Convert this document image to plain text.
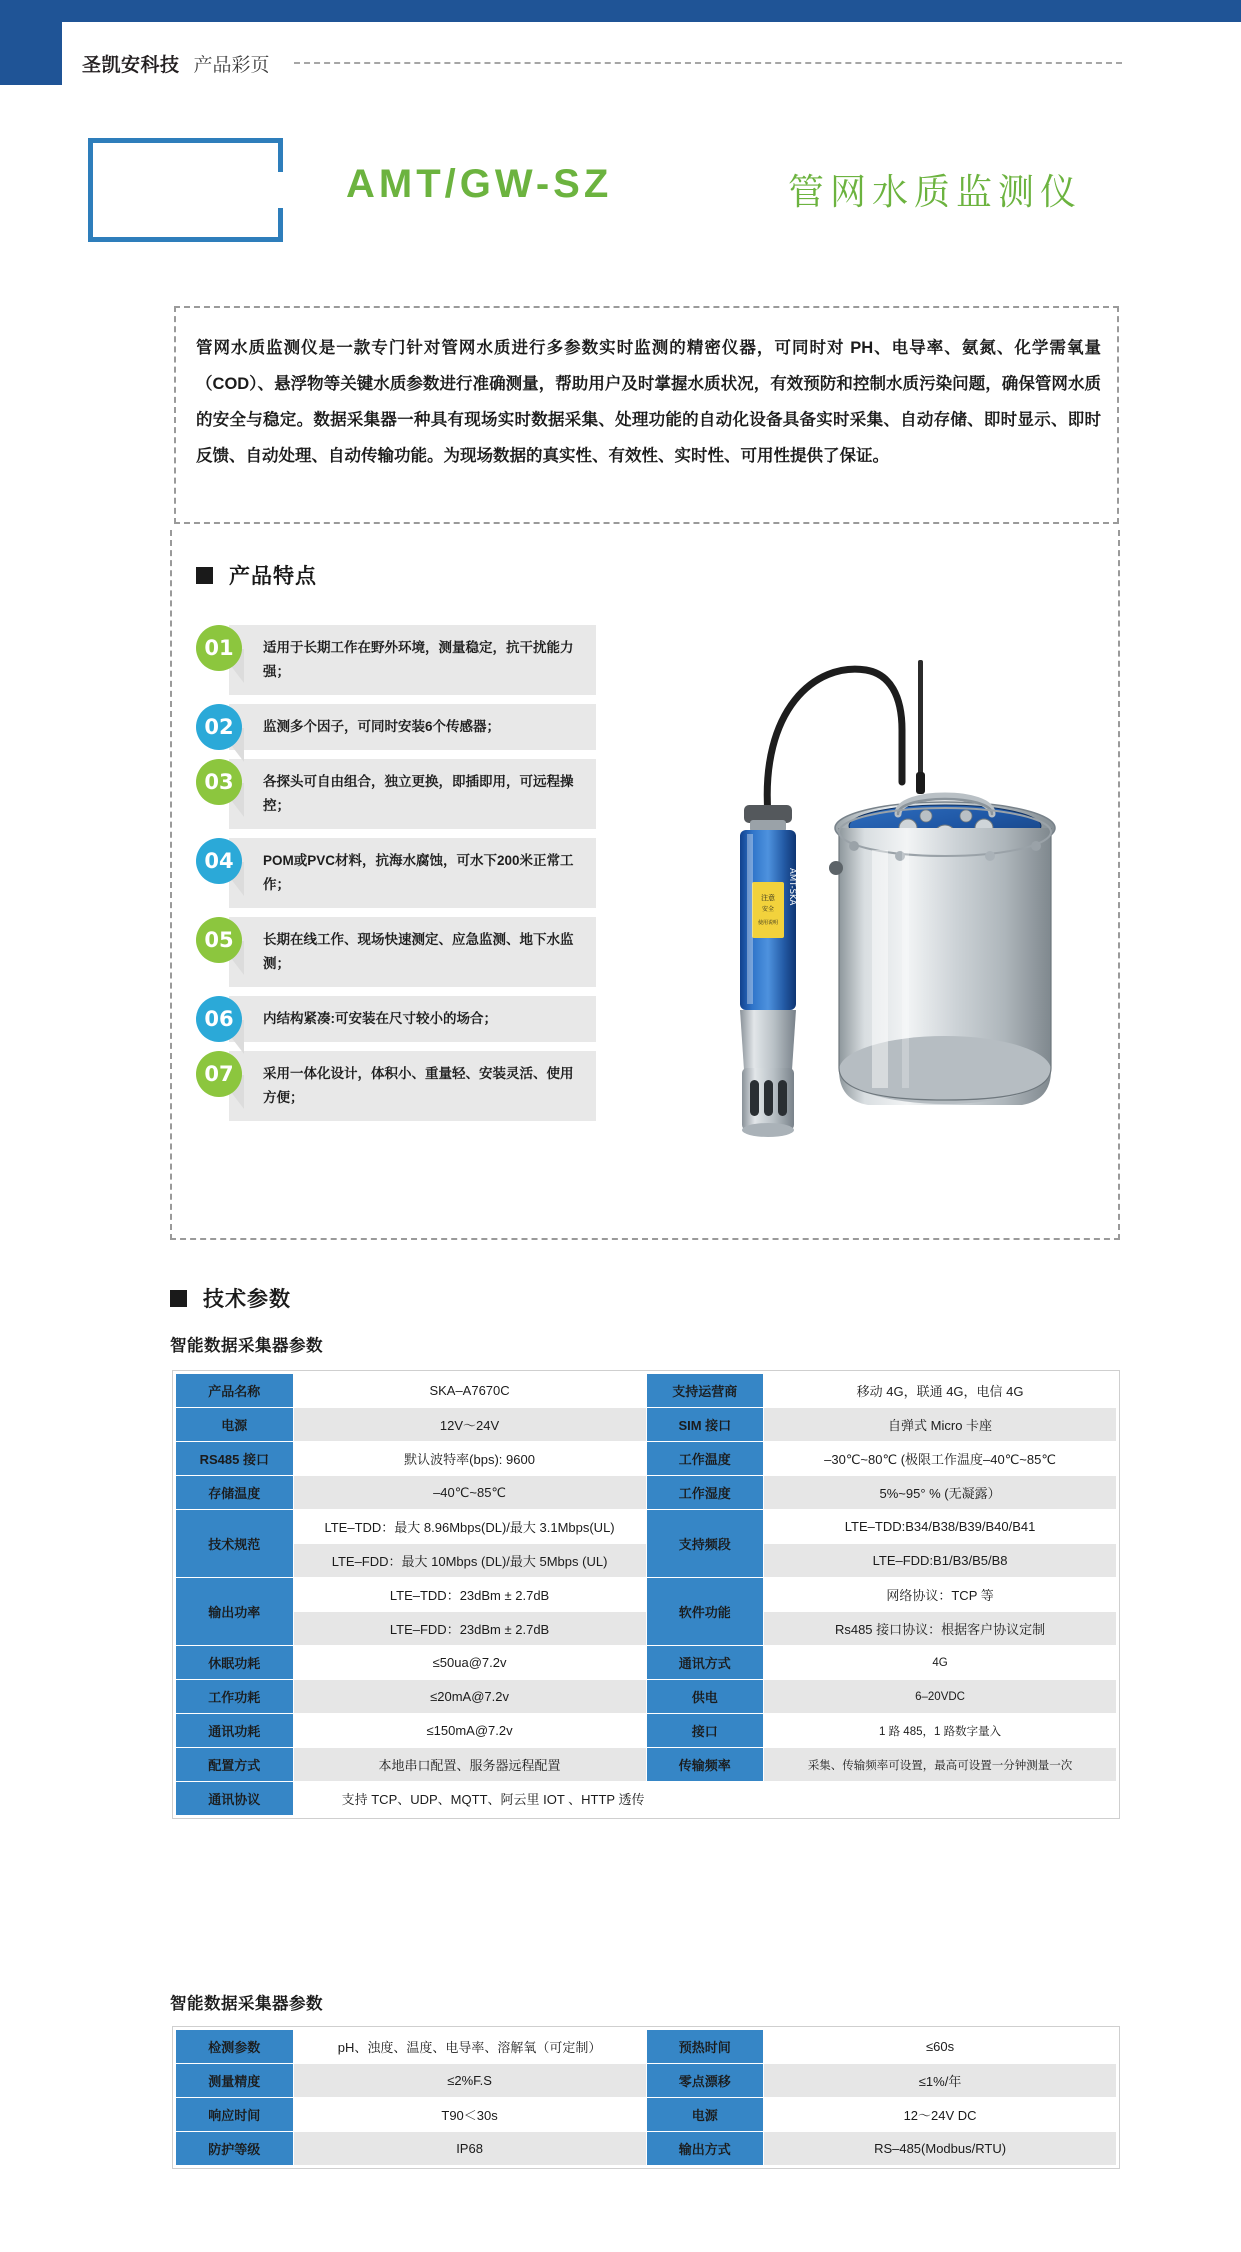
圣凯安科技 产品彩页
AMT/GW-SZ	管网水质监测仪
管网水质监测仪是一款专门针对管网水质进行多参数实时监测的精密仪器，可同时对 PH、电导率、氨氮、化学需氧量（COD）、悬浮物等关键水质参数进行准确测量，帮助用户及时掌握水质状况，有效预防和控制水质污染问题，确保管网水质的安全与稳定。数据采集器一种具有现场实时数据采集、处理功能的自动化设备具备实时采集、自动存储、即时显示、即时反馈、自动处理、自动传输功能。为现场数据的真实性、有效性、实时性、可用性提供了保证。
产品特点
01	适用于长期工作在野外环境，测量稳定，抗干扰能力强；
02	监测多个因子，可同时安装6个传感器；
03	各探头可自由组合，独立更换，即插即用，可远程操控；
04	POM或PVC材料，抗海水腐蚀，可水下200米正常工作；
05	长期在线工作、现场快速测定、应急监测、地下水监测；
06	内结构紧凑:可安装在尺寸较小的场合；
07	采用一体化设计，体积小、重量轻、安装灵活、使用方便；
注意
安全
使用说明
AMT-SKA
技术参数
智能数据采集器参数
产品名称	SKA–A7670C	支持运营商	移动 4G，联通 4G，电信 4G
电源	12V〜24V	SIM 接口	自弹式 Micro 卡座
RS485 接口	默认波特率(bps): 9600	工作温度	–30℃~80℃ (极限工作温度–40℃~85℃
存储温度	–40℃~85℃	工作湿度	5%~95° % (无凝露）
技术规范	LTE–TDD：最大 8.96Mbps(DL)/最大 3.1Mbps(UL)	支持频段	LTE–TDD:B34/B38/B39/B40/B41
	LTE–FDD：最大 10Mbps (DL)/最大 5Mbps (UL)		LTE–FDD:B1/B3/B5/B8
输出功率	LTE–TDD：23dBm ± 2.7dB	软件功能	网络协议：TCP 等
	LTE–FDD：23dBm ± 2.7dB		Rs485 接口协议：根据客户协议定制
休眠功耗	≤50ua@7.2v	通讯方式	4G
工作功耗	≤20mA@7.2v	供电	6–20VDC
通讯功耗	≤150mA@7.2v	接口	1 路 485，1 路数字量入
配置方式	本地串口配置、服务器远程配置	传输频率	采集、传输频率可设置，最高可设置一分钟测量一次
通讯协议	支持 TCP、UDP、MQTT、阿云里 IOT 、HTTP 透传		
智能数据采集器参数
检测参数	pH、浊度、温度、电导率、溶解氧（可定制）	预热时间	≤60s
测量精度	≤2%F.S	零点漂移	≤1%/年
响应时间	T90＜30s	电源	12～24V DC
防护等级	IP68	输出方式	RS–485(Modbus/RTU)
